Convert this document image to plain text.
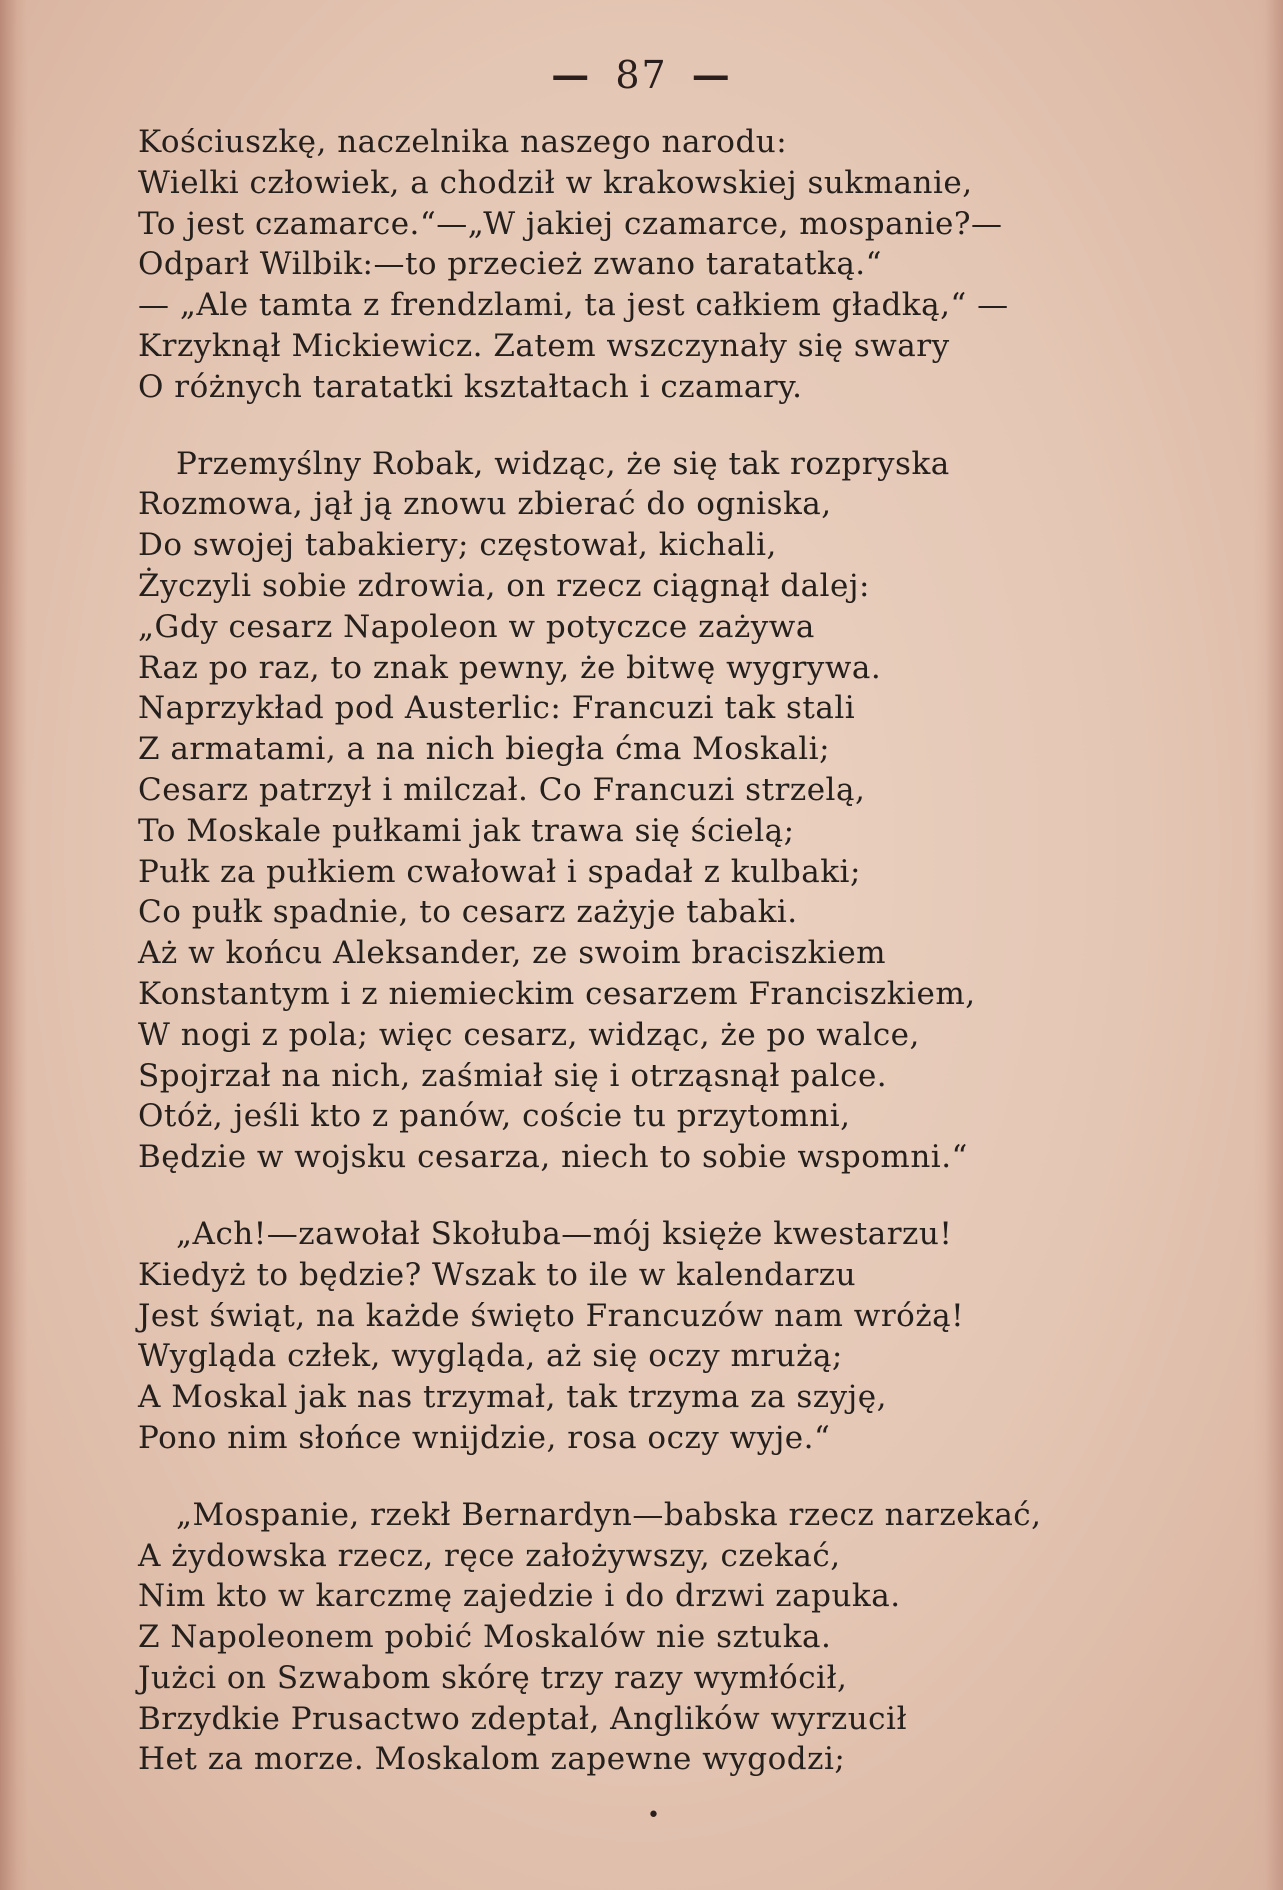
— 87 —
Kościuszkę, naczelnika naszego narodu:
Wielki człowiek, a chodził w krakowskiej sukmanie,
To jest czamarce.“—„W jakiej czamarce, mospanie?—
Odparł Wilbik:—to przecież zwano taratatką.“
— „Ale tamta z frendzlami, ta jest całkiem gładką,“ —
Krzyknął Mickiewicz. Zatem wszczynały się swary
O różnych taratatki kształtach i czamary.
Przemyślny Robak, widząc, że się tak rozpryska
Rozmowa, jął ją znowu zbierać do ogniska,
Do swojej tabakiery; częstował, kichali,
Życzyli sobie zdrowia, on rzecz ciągnął dalej:
„Gdy cesarz Napoleon w potyczce zażywa
Raz po raz, to znak pewny, że bitwę wygrywa.
Naprzykład pod Austerlic: Francuzi tak stali
Z armatami, a na nich biegła ćma Moskali;
Cesarz patrzył i milczał. Co Francuzi strzelą,
To Moskale pułkami jak trawa się ścielą;
Pułk za pułkiem cwałował i spadał z kulbaki;
Co pułk spadnie, to cesarz zażyje tabaki.
Aż w końcu Aleksander, ze swoim braciszkiem
Konstantym i z niemieckim cesarzem Franciszkiem,
W nogi z pola; więc cesarz, widząc, że po walce,
Spojrzał na nich, zaśmiał się i otrząsnął palce.
Otóż, jeśli kto z panów, coście tu przytomni,
Będzie w wojsku cesarza, niech to sobie wspomni.“
„Ach!—zawołał Skołuba—mój księże kwestarzu!
Kiedyż to będzie? Wszak to ile w kalendarzu
Jest świąt, na każde święto Francuzów nam wróżą!
Wygląda człek, wygląda, aż się oczy mrużą;
A Moskal jak nas trzymał, tak trzyma za szyję,
Pono nim słońce wnijdzie, rosa oczy wyje.“
„Mospanie, rzekł Bernardyn—babska rzecz narzekać,
A żydowska rzecz, ręce założywszy, czekać,
Nim kto w karczmę zajedzie i do drzwi zapuka.
Z Napoleonem pobić Moskalów nie sztuka.
Jużci on Szwabom skórę trzy razy wymłócił,
Brzydkie Prusactwo zdeptał, Anglików wyrzucił
Het za morze. Moskalom zapewne wygodzi;
•
